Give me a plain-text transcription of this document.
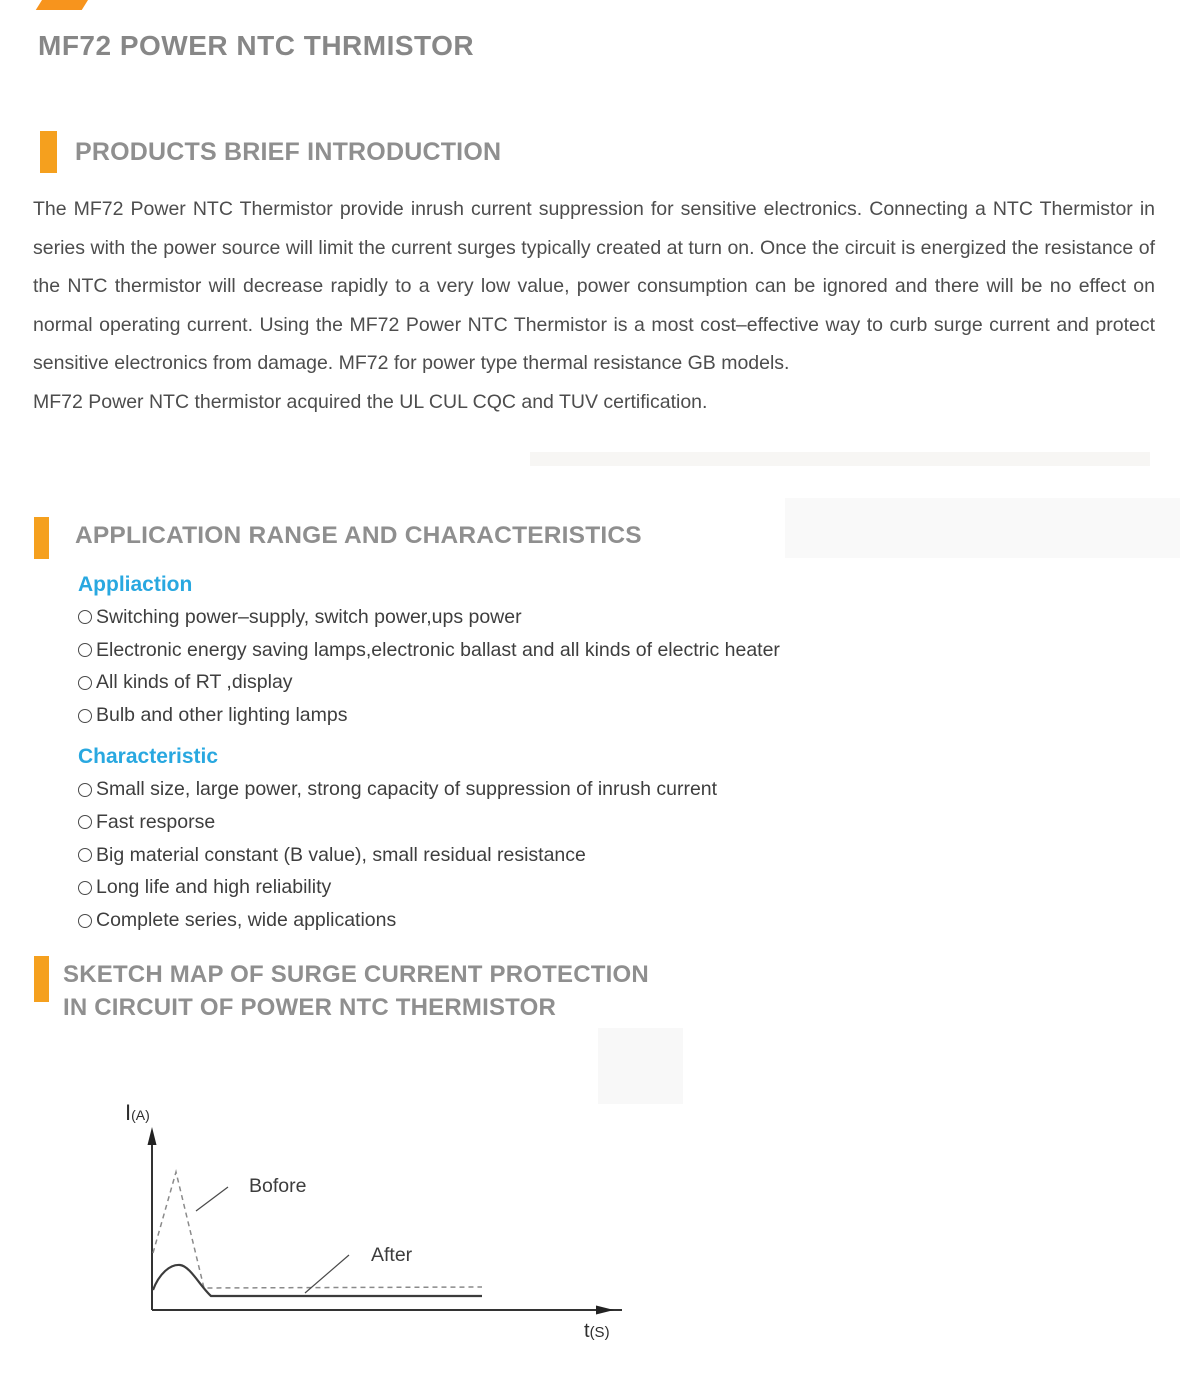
MF72 POWER NTC THRMISTOR
PRODUCTS BRIEF INTRODUCTION

The MF72 Power NTC Thermistor provide inrush current suppression for sensitive electronics. Connecting a NTC Thermistor in series with the power source will limit the current surges typically created at turn on. Once the circuit is energized the resistance of the NTC thermistor will decrease rapidly to a very low value, power consumption can be ignored and there will be no effect on normal operating current. Using the MF72 Power NTC Thermistor is a most cost–effective way to curb surge current and protect sensitive electronics from damage. MF72 for power type thermal resistance GB models.

MF72 Power NTC thermistor acquired the UL CUL CQC and TUV certification.

APPLICATION RANGE AND CHARACTERISTICS

Appliaction

Switching power–supply, switch power,ups power
Electronic energy saving lamps,electronic ballast and all kinds of electric heater
All kinds of RT ,display
Bulb and other lighting lamps

Characteristic

Small size, large power, strong capacity of suppression of inrush current
Fast resporse
Big material constant (B value), small residual resistance
Long life and high reliability
Complete series, wide applications
SKETCH MAP OF SURGE CURRENT PROTECTION
IN CIRCUIT OF POWER NTC THERMISTOR
Bofore
After
I(A)
t(S)
